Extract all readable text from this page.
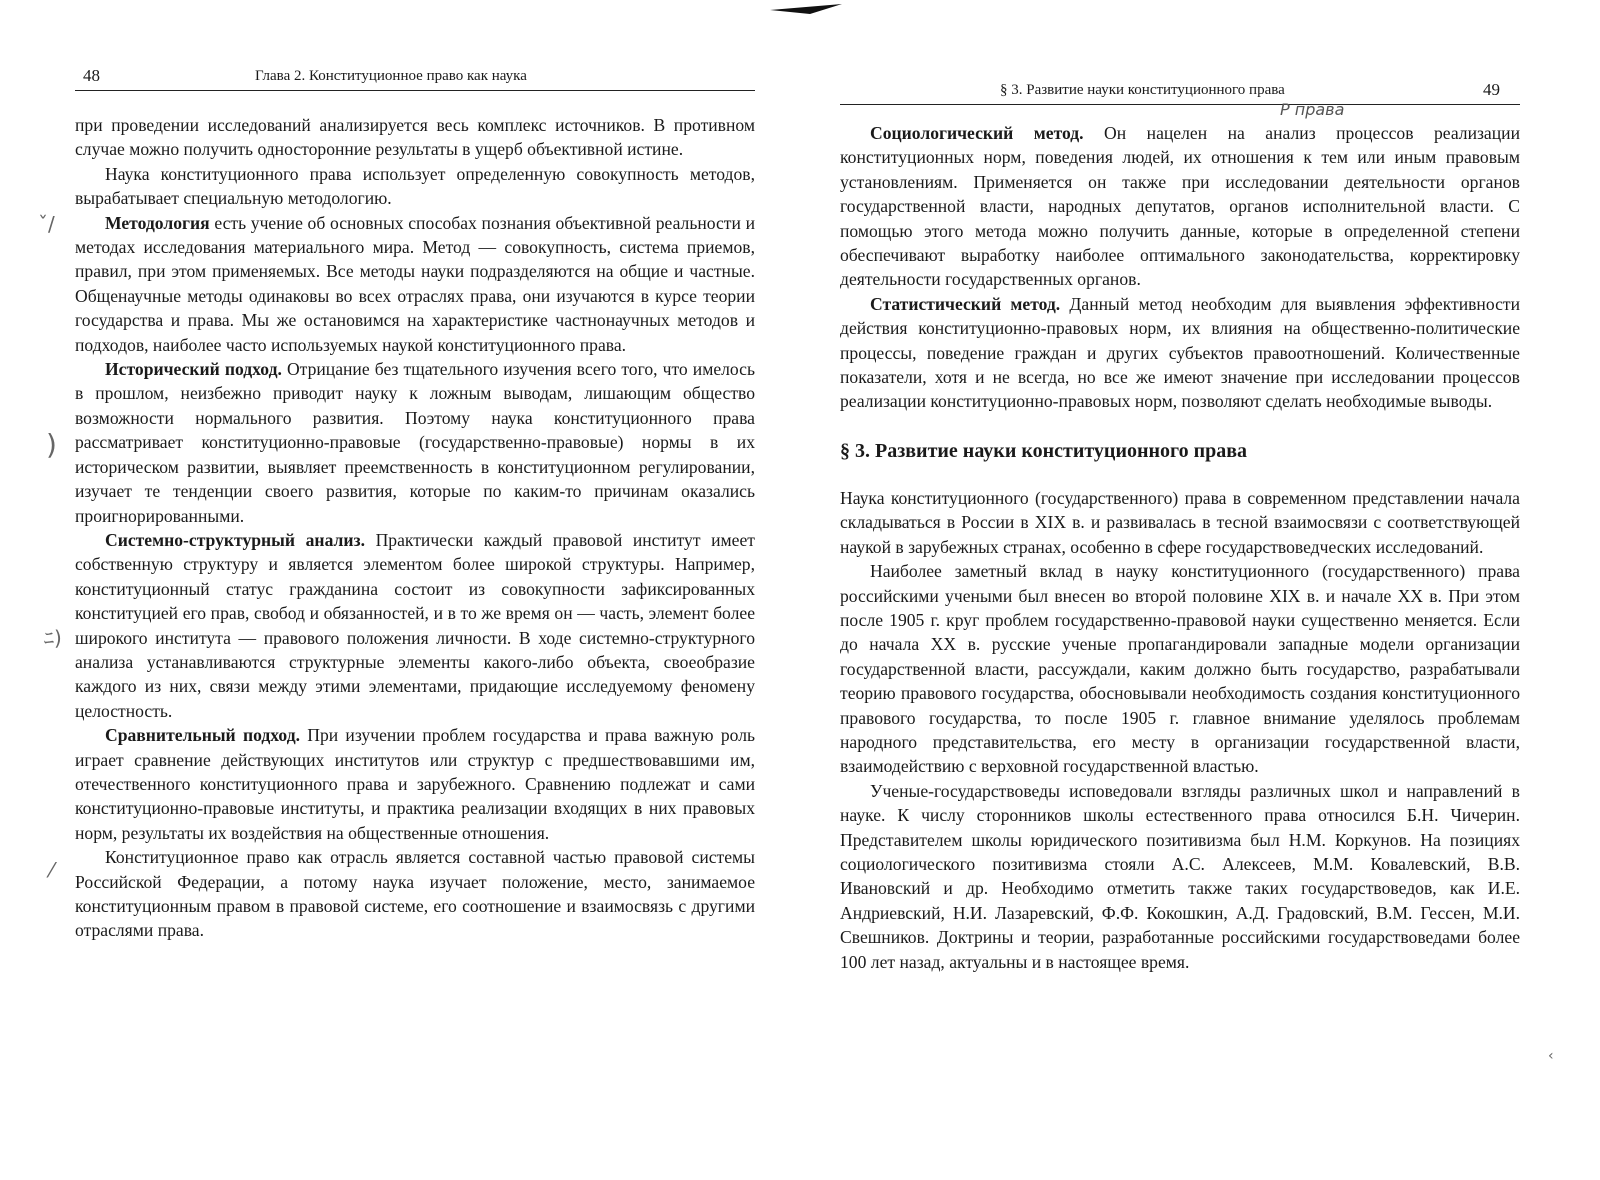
48	Глава 2. Конституционное право как наука

при проведении исследований анализируется весь комплекс источников. В противном случае можно получить односторонние результаты в ущерб объективной истине.

Наука конституционного права использует определенную совокупность методов, вырабатывает специальную методологию.

Методология есть учение об основных способах познания объективной реальности и методах исследования материального мира. Метод — совокупность, система приемов, правил, при этом применяемых. Все методы науки подразделяются на общие и частные. Общенаучные методы одинаковы во всех отраслях права, они изучаются в курсе теории государства и права. Мы же остановимся на характеристике частнонаучных методов и подходов, наиболее часто используемых наукой конституционного права.

Исторический подход. Отрицание без тщательного изучения всего того, что имелось в прошлом, неизбежно приводит науку к ложным выводам, лишающим общество возможности нормального развития. Поэтому наука конституционного права рассматривает конституционно-правовые (государственно-правовые) нормы в их историческом развитии, выявляет преемственность в конституционном регулировании, изучает те тенденции своего развития, которые по каким-то причинам оказались проигнорированными.

Системно-структурный анализ. Практически каждый правовой институт имеет собственную структуру и является элементом более широкой структуры. Например, конституционный статус гражданина состоит из совокупности зафиксированных конституцией его прав, свобод и обязанностей, и в то же время он — часть, элемент более широкого института — правового положения личности. В ходе системно-структурного анализа устанавливаются структурные элементы какого-либо объекта, своеобразие каждого из них, связи между этими элементами, придающие исследуемому феномену целостность.

Сравнительный подход. При изучении проблем государства и права важную роль играет сравнение действующих институтов или структур с предшествовавшими им, отечественного конституционного права и зарубежного. Сравнению подлежат и сами конституционно-правовые институты, и практика реализации входящих в них правовых норм, результаты их воздействия на общественные отношения.

Конституционное право как отрасль является составной частью правовой системы Российской Федерации, а потому наука изучает положение, место, занимаемое конституционным правом в правовой системе, его соотношение и взаимосвязь с другими отраслями права.

ˇ/
)
ﾆ)
⁄
§ 3. Развитие науки конституционного права	49
Р права

Социологический метод. Он нацелен на анализ процессов реализации конституционных норм, поведения людей, их отношения к тем или иным правовым установлениям. Применяется он также при исследовании деятельности органов государственной власти, народных депутатов, органов исполнительной власти. С помощью этого метода можно получить данные, которые в определенной степени обеспечивают выработку наиболее оптимального законодательства, корректировку деятельности государственных органов.

Статистический метод. Данный метод необходим для выявления эффективности действия конституционно-правовых норм, их влияния на общественно-политические процессы, поведение граждан и других субъектов правоотношений. Количественные показатели, хотя и не всегда, но все же имеют значение при исследовании процессов реализации конституционно-правовых норм, позволяют сделать необходимые выводы.

§ 3. Развитие науки конституционного права

Наука конституционного (государственного) права в современном представлении начала складываться в России в XIX в. и развивалась в тесной взаимосвязи с соответствующей наукой в зарубежных странах, особенно в сфере государствоведческих исследований.

Наиболее заметный вклад в науку конституционного (государственного) права российскими учеными был внесен во второй половине XIX в. и начале XX в. При этом после 1905 г. круг проблем государственно-правовой науки существенно меняется. Если до начала XX в. русские ученые пропагандировали западные модели организации государственной власти, рассуждали, каким должно быть государство, разрабатывали теорию правового государства, обосновывали необходимость создания конституционного правового государства, то после 1905 г. главное внимание уделялось проблемам народного представительства, его месту в организации государственной власти, взаимодействию с верховной государственной властью.

Ученые-государствоведы исповедовали взгляды различных школ и направлений в науке. К числу сторонников школы естественного права относился Б.Н. Чичерин. Представителем школы юридического позитивизма был Н.М. Коркунов. На позициях социологического позитивизма стояли А.С. Алексеев, М.М. Ковалевский, В.В. Ивановский и др. Необходимо отметить также таких государствоведов, как И.Е. Андриевский, Н.И. Лазаревский, Ф.Ф. Кокошкин, А.Д. Градовский, В.М. Гессен, М.И. Свешников. Доктрины и теории, разработанные российскими государствоведами более 100 лет назад, актуальны и в настоящее время.

‹
